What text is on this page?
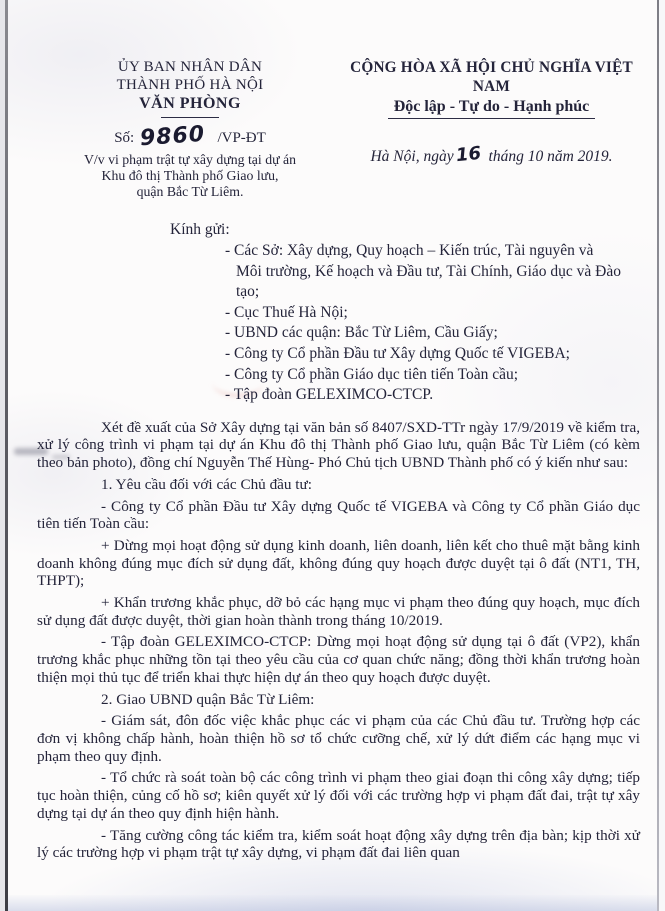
ỦY BAN NHÂN DÂN
THÀNH PHỐ HÀ NỘI
VĂN PHÒNG
Số: 9860 /VP-ĐT
V/v vi phạm trật tự xây dựng tại dự án
Khu đô thị Thành phố Giao lưu,
quận Bắc Từ Liêm.
CỘNG HÒA XÃ HỘI CHỦ NGHĨA VIỆT NAM
Độc lập - Tự do - Hạnh phúc
Hà Nội, ngày16 tháng 10 năm 2019.
Kính gửi:
- Các Sở: Xây dựng, Quy hoạch – Kiến trúc, Tài nguyên và Môi trường, Kế hoạch và Đầu tư, Tài Chính, Giáo dục và Đào tạo;
- Cục Thuế Hà Nội;
- UBND các quận: Bắc Từ Liêm, Cầu Giấy;
- Công ty Cổ phần Đầu tư Xây dựng Quốc tế VIGEBA;
- Công ty Cổ phần Giáo dục tiên tiến Toàn cầu;
- Tập đoàn GELEXIMCO-CTCP.

Xét đề xuất của Sở Xây dựng tại văn bản số 8407/SXD-TTr ngày 17/9/2019 về kiểm tra, xử lý công trình vi phạm tại dự án Khu đô thị Thành phố Giao lưu, quận Bắc Từ Liêm (có kèm theo bản photo), đồng chí Nguyễn Thế Hùng- Phó Chủ tịch UBND Thành phố có ý kiến như sau:

1. Yêu cầu đối với các Chủ đầu tư:

- Công ty Cổ phần Đầu tư Xây dựng Quốc tế VIGEBA và Công ty Cổ phần Giáo dục tiên tiến Toàn cầu:

+ Dừng mọi hoạt động sử dụng kinh doanh, liên doanh, liên kết cho thuê mặt bằng kinh doanh không đúng mục đích sử dụng đất, không đúng quy hoạch được duyệt tại ô đất (NT1, TH, THPT);

+ Khẩn trương khắc phục, dỡ bỏ các hạng mục vi phạm theo đúng quy hoạch, mục đích sử dụng đất được duyệt, thời gian hoàn thành trong tháng 10/2019.

- Tập đoàn GELEXIMCO-CTCP: Dừng mọi hoạt động sử dụng tại ô đất (VP2), khẩn trương khắc phục những tồn tại theo yêu cầu của cơ quan chức năng; đồng thời khẩn trương hoàn thiện mọi thủ tục để triển khai thực hiện dự án theo quy hoạch được duyệt.

2. Giao UBND quận Bắc Từ Liêm:

- Giám sát, đôn đốc việc khắc phục các vi phạm của các Chủ đầu tư. Trường hợp các đơn vị không chấp hành, hoàn thiện hồ sơ tổ chức cưỡng chế, xử lý dứt điểm các hạng mục vi phạm theo quy định.

- Tổ chức rà soát toàn bộ các công trình vi phạm theo giai đoạn thi công xây dựng; tiếp tục hoàn thiện, củng cố hồ sơ; kiên quyết xử lý đối với các trường hợp vi phạm đất đai, trật tự xây dựng tại dự án theo quy định hiện hành.

- Tăng cường công tác kiểm tra, kiểm soát hoạt động xây dựng trên địa bàn; kịp thời xử lý các trường hợp vi phạm trật tự xây dựng, vi phạm đất đai liên quan
